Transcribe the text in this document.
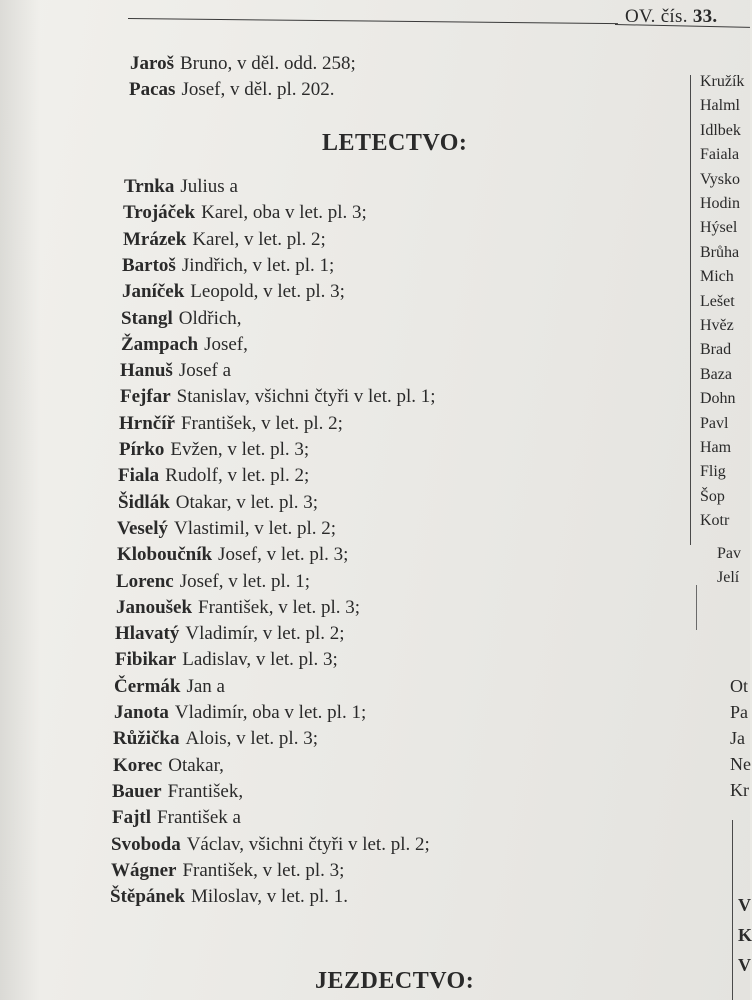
OV. čís. 33.
Jaroš Bruno, v děl. odd. 258;
Pacas Josef, v děl. pl. 202.
LETECTVO:
Trnka Julius a
Trojáček Karel, oba v let. pl. 3;
Mrázek Karel, v let. pl. 2;
Bartoš Jindřich, v let. pl. 1;
Janíček Leopold, v let. pl. 3;
Stangl Oldřich,
Žampach Josef,
Hanuš Josef a
Fejfar Stanislav, všichni čtyři v let. pl. 1;
Hrnčíř František, v let. pl. 2;
Pírko Evžen, v let. pl. 3;
Fiala Rudolf, v let. pl. 2;
Šidlák Otakar, v let. pl. 3;
Veselý Vlastimil, v let. pl. 2;
Kloboučník Josef, v let. pl. 3;
Lorenc Josef, v let. pl. 1;
Janoušek František, v let. pl. 3;
Hlavatý Vladimír, v let. pl. 2;
Fibikar Ladislav, v let. pl. 3;
Čermák Jan a
Janota Vladimír, oba v let. pl. 1;
Růžička Alois, v let. pl. 3;
Korec Otakar,
Bauer František,
Fajtl František a
Svoboda Václav, všichni čtyři v let. pl. 2;
Wágner František, v let. pl. 3;
Štěpánek Miloslav, v let. pl. 1.
JEZDECTVO:
Kružík
Halml
Idlbek
Faiala
Vysko
Hodin
Hýsel
Brůha
Mich
Lešet
Hvěz
Brad
Baza
Dohn
Pavl
Ham
Flig
Šop
Kotr
Pav
Jelí
Ot
Pa
Ja
Ne
Kr
V
K
V
